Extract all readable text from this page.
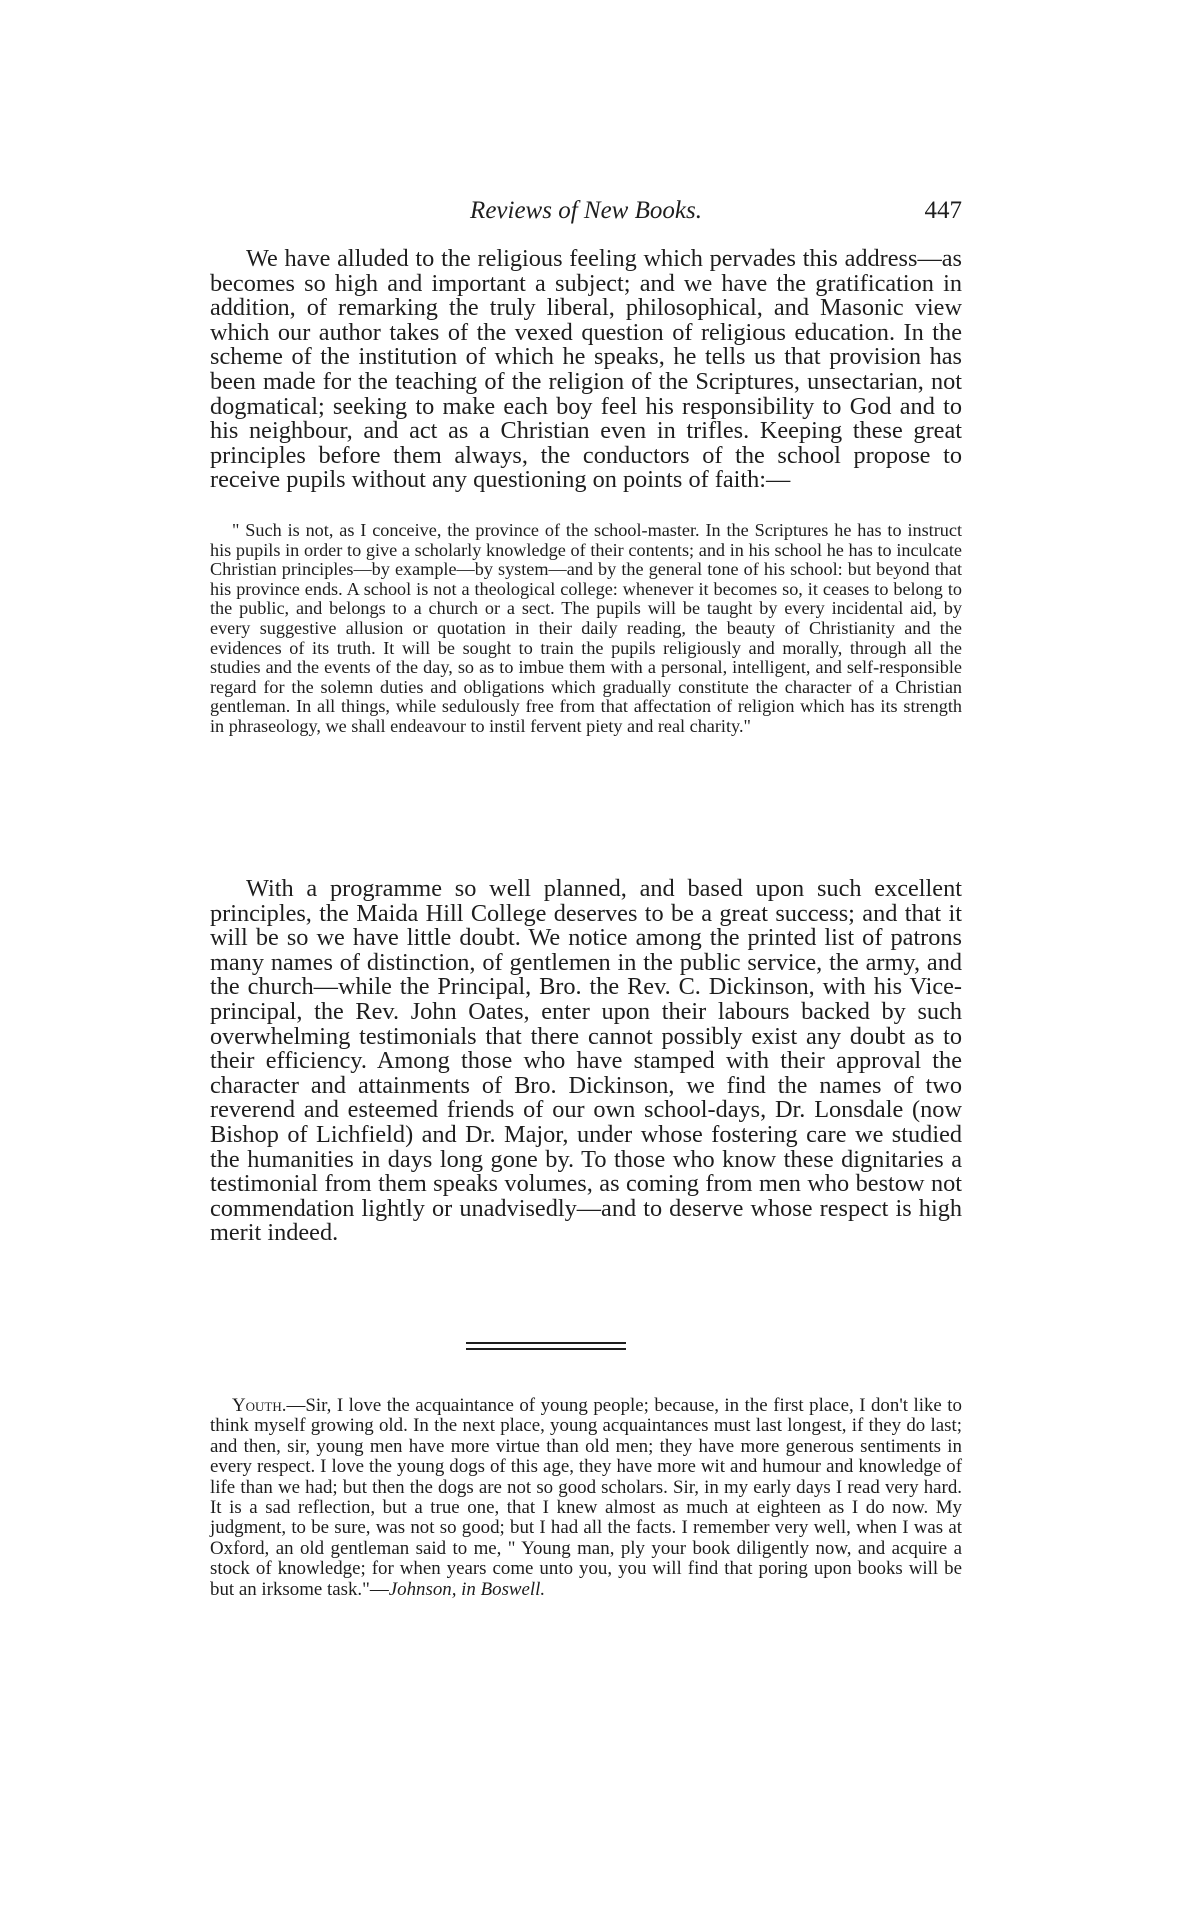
Reviews of New Books.	447

We have alluded to the religious feeling which pervades this address—as becomes so high and important a subject; and we have the gratification in addition, of remarking the truly liberal, philosophical, and Masonic view which our author takes of the vexed question of religious education. In the scheme of the institution of which he speaks, he tells us that provision has been made for the teaching of the religion of the Scriptures, unsectarian, not dogmatical; seeking to make each boy feel his responsibility to God and to his neighbour, and act as a Christian even in trifles. Keeping these great principles before them always, the conductors of the school propose to receive pupils without any questioning on points of faith:—

" Such is not, as I conceive, the province of the school-master. In the Scriptures he has to instruct his pupils in order to give a scholarly knowledge of their contents; and in his school he has to inculcate Christian principles—by example—by system—and by the general tone of his school: but beyond that his province ends. A school is not a theological college: whenever it becomes so, it ceases to belong to the public, and belongs to a church or a sect. The pupils will be taught by every incidental aid, by every suggestive allusion or quotation in their daily reading, the beauty of Christianity and the evidences of its truth. It will be sought to train the pupils religiously and morally, through all the studies and the events of the day, so as to imbue them with a personal, intelligent, and self-responsible regard for the solemn duties and obligations which gradually constitute the character of a Christian gentleman. In all things, while sedulously free from that affectation of religion which has its strength in phraseology, we shall endeavour to instil fervent piety and real charity."

With a programme so well planned, and based upon such excellent principles, the Maida Hill College deserves to be a great success; and that it will be so we have little doubt. We notice among the printed list of patrons many names of distinction, of gentlemen in the public service, the army, and the church—while the Principal, Bro. the Rev. C. Dickinson, with his Vice-principal, the Rev. John Oates, enter upon their labours backed by such overwhelming testimonials that there cannot possibly exist any doubt as to their efficiency. Among those who have stamped with their approval the character and attainments of Bro. Dickinson, we find the names of two reverend and esteemed friends of our own school-days, Dr. Lonsdale (now Bishop of Lichfield) and Dr. Major, under whose fostering care we studied the humanities in days long gone by. To those who know these dignitaries a testimonial from them speaks volumes, as coming from men who bestow not commendation lightly or unadvisedly—and to deserve whose respect is high merit indeed.

Youth.—Sir, I love the acquaintance of young people; because, in the first place, I don't like to think myself growing old. In the next place, young acquaintances must last longest, if they do last; and then, sir, young men have more virtue than old men; they have more generous sentiments in every respect. I love the young dogs of this age, they have more wit and humour and knowledge of life than we had; but then the dogs are not so good scholars. Sir, in my early days I read very hard. It is a sad reflection, but a true one, that I knew almost as much at eighteen as I do now. My judgment, to be sure, was not so good; but I had all the facts. I remember very well, when I was at Oxford, an old gentleman said to me, " Young man, ply your book diligently now, and acquire a stock of knowledge; for when years come unto you, you will find that poring upon books will be but an irksome task."—Johnson, in Boswell.
